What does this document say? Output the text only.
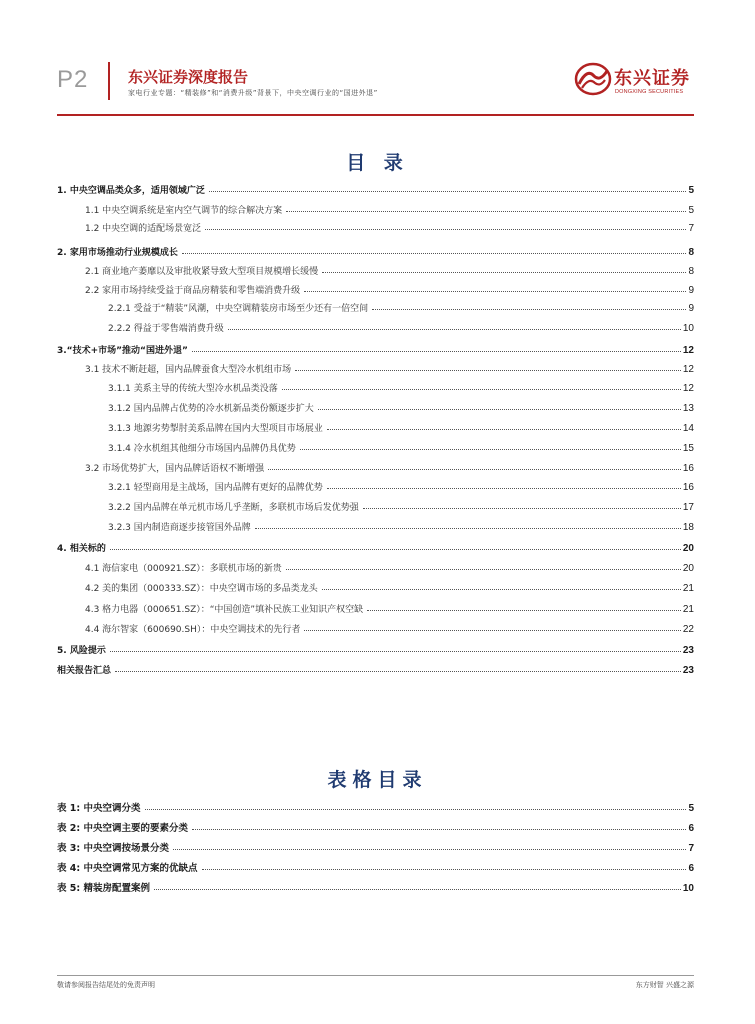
P2	东兴证券深度报告
家电行业专题：“精装修”和“消费升级”背景下，中央空调行业的“国进外退”
东兴证券
DONGXING SECURITIES
目 录
表格目录
敬请参阅报告结尾处的免责声明	东方财智 兴盛之源
1. 中央空调品类众多，适用领域广泛	5
1.1 中央空调系统是室内空气调节的综合解决方案	5
1.2 中央空调的适配场景宽泛	7
2. 家用市场推动行业规模成长	8
2.1 商业地产萎靡以及审批收紧导致大型项目规模增长缓慢	8
2.2 家用市场持续受益于商品房精装和零售端消费升级	9
2.2.1 受益于“精装”风潮，中央空调精装房市场至少还有一倍空间	9
2.2.2 得益于零售端消费升级	10
3.“技术+市场”推动“国进外退”	12
3.1 技术不断赶超，国内品牌蚕食大型冷水机组市场	12
3.1.1 美系主导的传统大型冷水机品类没落	12
3.1.2 国内品牌占优势的冷水机新品类份额逐步扩大	13
3.1.3 地源劣势掣肘美系品牌在国内大型项目市场展业	14
3.1.4 冷水机组其他细分市场国内品牌仍具优势	15
3.2 市场优势扩大，国内品牌话语权不断增强	16
3.2.1 轻型商用是主战场，国内品牌有更好的品牌优势	16
3.2.2 国内品牌在单元机市场几乎垄断，多联机市场后发优势强	17
3.2.3 国内制造商逐步接管国外品牌	18
4. 相关标的	20
4.1 海信家电（000921.SZ）：多联机市场的新贵	20
4.2 美的集团（000333.SZ）：中央空调市场的多品类龙头	21
4.3 格力电器（000651.SZ）：“中国创造”填补民族工业知识产权空缺	21
4.4 海尔智家（600690.SH）：中央空调技术的先行者	22
5. 风险提示	23
相关报告汇总	23
表 1: 中央空调分类	5
表 2: 中央空调主要的要素分类	6
表 3: 中央空调按场景分类	7
表 4: 中央空调常见方案的优缺点	6
表 5: 精装房配置案例	10
